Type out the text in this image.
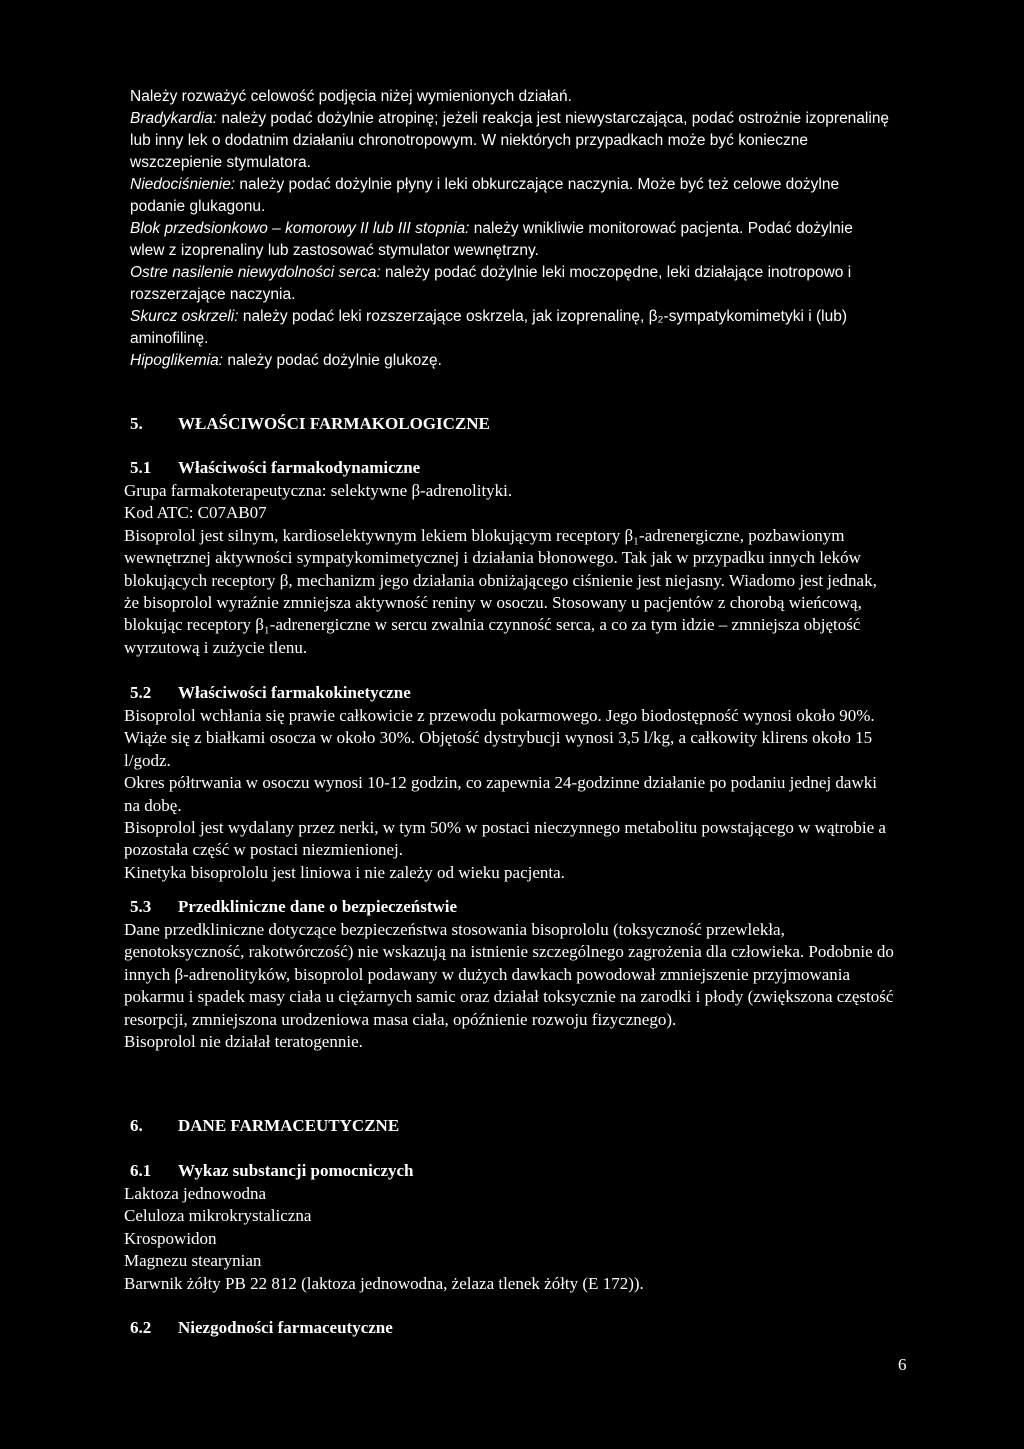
Należy rozważyć celowość podjęcia niżej wymienionych działań.

Bradykardia: należy podać dożylnie atropinę; jeżeli reakcja jest niewystarczająca, podać ostrożnie izoprenalinę lub inny lek o dodatnim działaniu chronotropowym. W niektórych przypadkach może być konieczne wszczepienie stymulatora.

Niedociśnienie: należy podać dożylnie płyny i leki obkurczające naczynia. Może być też celowe dożylne podanie glukagonu.

Blok przedsionkowo – komorowy II lub III stopnia: należy wnikliwie monitorować pacjenta. Podać dożylnie wlew z izoprenaliny lub zastosować stymulator wewnętrzny.

Ostre nasilenie niewydolności serca: należy podać dożylnie leki moczopędne, leki działające inotropowo i rozszerzające naczynia.

Skurcz oskrzeli: należy podać leki rozszerzające oskrzela, jak izoprenalinę, β₂-sympatykomimetyki i (lub) aminofilinę.

Hipoglikemia: należy podać dożylnie glukozę.

5. WŁAŚCIWOŚCI FARMAKOLOGICZNE
5.1 Właściwości farmakodynamiczne

Grupa farmakoterapeutyczna: selektywne β-adrenolityki.

Kod ATC: C07AB07

Bisoprolol jest silnym, kardioselektywnym lekiem blokującym receptory β₁-adrenergiczne, pozbawionym wewnętrznej aktywności sympatykomimetycznej i działania błonowego. Tak jak w przypadku innych leków blokujących receptory β, mechanizm jego działania obniżającego ciśnienie jest niejasny. Wiadomo jest jednak, że bisoprolol wyraźnie zmniejsza aktywność reniny w osoczu. Stosowany u pacjentów z chorobą wieńcową, blokując receptory β₁-adrenergiczne w sercu zwalnia czynność serca, a co za tym idzie – zmniejsza objętość wyrzutową i zużycie tlenu.

5.2 Właściwości farmakokinetyczne

Bisoprolol wchłania się prawie całkowicie z przewodu pokarmowego. Jego biodostępność wynosi około 90%. Wiąże się z białkami osocza w około 30%. Objętość dystrybucji wynosi 3,5 l/kg, a całkowity klirens około 15 l/godz.

Okres półtrwania w osoczu wynosi 10-12 godzin, co zapewnia 24-godzinne działanie po podaniu jednej dawki na dobę.

Bisoprolol jest wydalany przez nerki, w tym 50% w postaci nieczynnego metabolitu powstającego w wątrobie a pozostała część w postaci niezmienionej.

Kinetyka bisoprololu jest liniowa i nie zależy od wieku pacjenta.

5.3 Przedkliniczne dane o bezpieczeństwie

Dane przedkliniczne dotyczące bezpieczeństwa stosowania bisoprololu (toksyczność przewlekła, genotoksyczność, rakotwórczość) nie wskazują na istnienie szczególnego zagrożenia dla człowieka. Podobnie do innych β-adrenolityków, bisoprolol podawany w dużych dawkach powodował zmniejszenie przyjmowania pokarmu i spadek masy ciała u ciężarnych samic oraz działał toksycznie na zarodki i płody (zwiększona częstość resorpcji, zmniejszona urodzeniowa masa ciała, opóźnienie rozwoju fizycznego).

Bisoprolol nie działał teratogennie.

6. DANE FARMACEUTYCZNE
6.1 Wykaz substancji pomocniczych

Laktoza jednowodna

Celuloza mikrokrystaliczna

Krospowidon

Magnezu stearynian

Barwnik żółty PB 22 812 (laktoza jednowodna, żelaza tlenek żółty (E 172)).

6.2 Niezgodności farmaceutyczne
6
